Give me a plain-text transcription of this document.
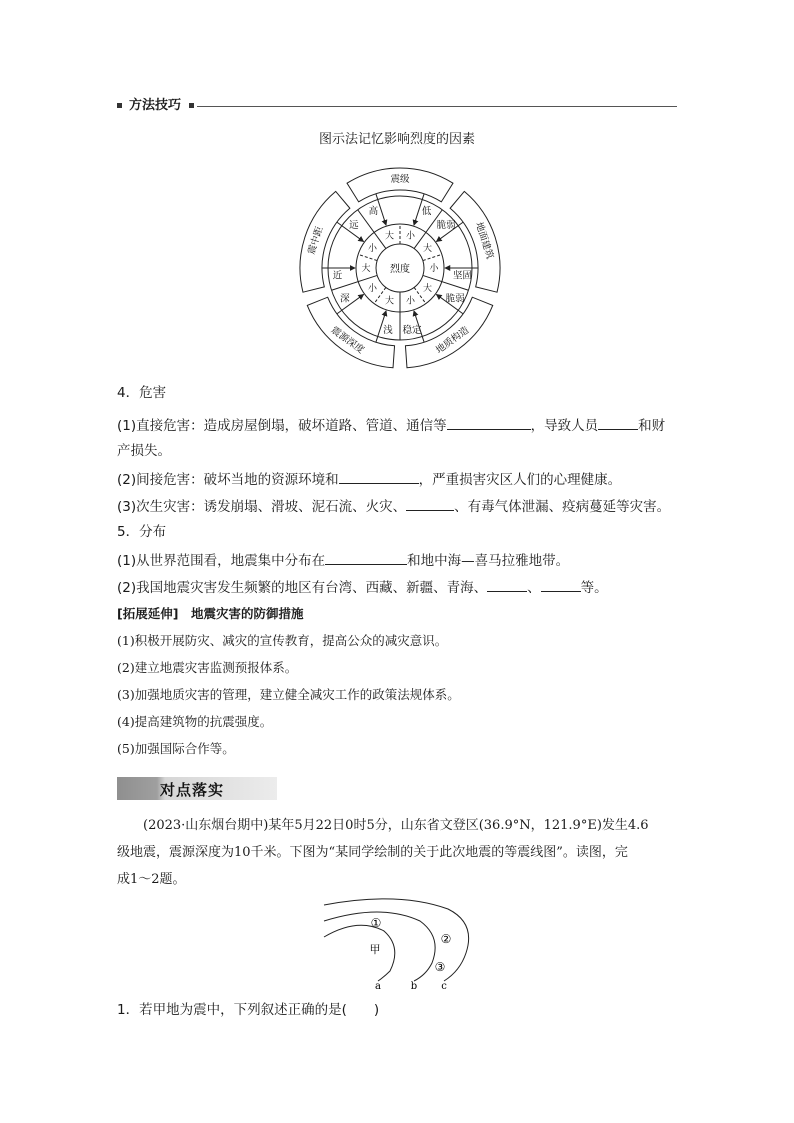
方法技巧
图示法记忆影响烈度的因素
烈度
震级
高
大
低
小	地面建筑
脆弱
大
坚固
小
地质构造
脆弱
大
稳定
小
震源深度 浅
大
深
小
震中距
近
大
远
小
4．危害
(1)直接危害：造成房屋倒塌，破坏道路、管道、通信等	，导致人员	和财
产损失。
(2)间接危害：破坏当地的资源环境和	，严重损害灾区人们的心理健康。
(3)次生灾害：诱发崩塌、滑坡、泥石流、火灾、	、有毒气体泄漏、疫病蔓延等灾害。
5．分布
(1)从世界范围看，地震集中分布在	和地中海—喜马拉雅地带。
(2)我国地震灾害发生频繁的地区有台湾、西藏、新疆、青海、	、	等。
[拓展延伸]　 地震灾害的防御措施
(1)积极开展防灾、减灾的宣传教育，提高公众的减灾意识。
(2)建立地震灾害监测预报体系。
(3)加强地质灾害的管理，建立健全减灾工作的政策法规体系。
(4)提高建筑物的抗震强度。
(5)加强国际合作等。
对点落实
(2023·山东烟台期中)某年5月22日0时5分，山东省文登区(36.9°N，121.9°E)发生4.6
级地震，震源深度为10千米。下图为“某同学绘制的关于此次地震的等震线图”。读图，完
成1～2题。
①
②
③
甲
a	b c
1．若甲地为震中，下列叙述正确的是(　　)
